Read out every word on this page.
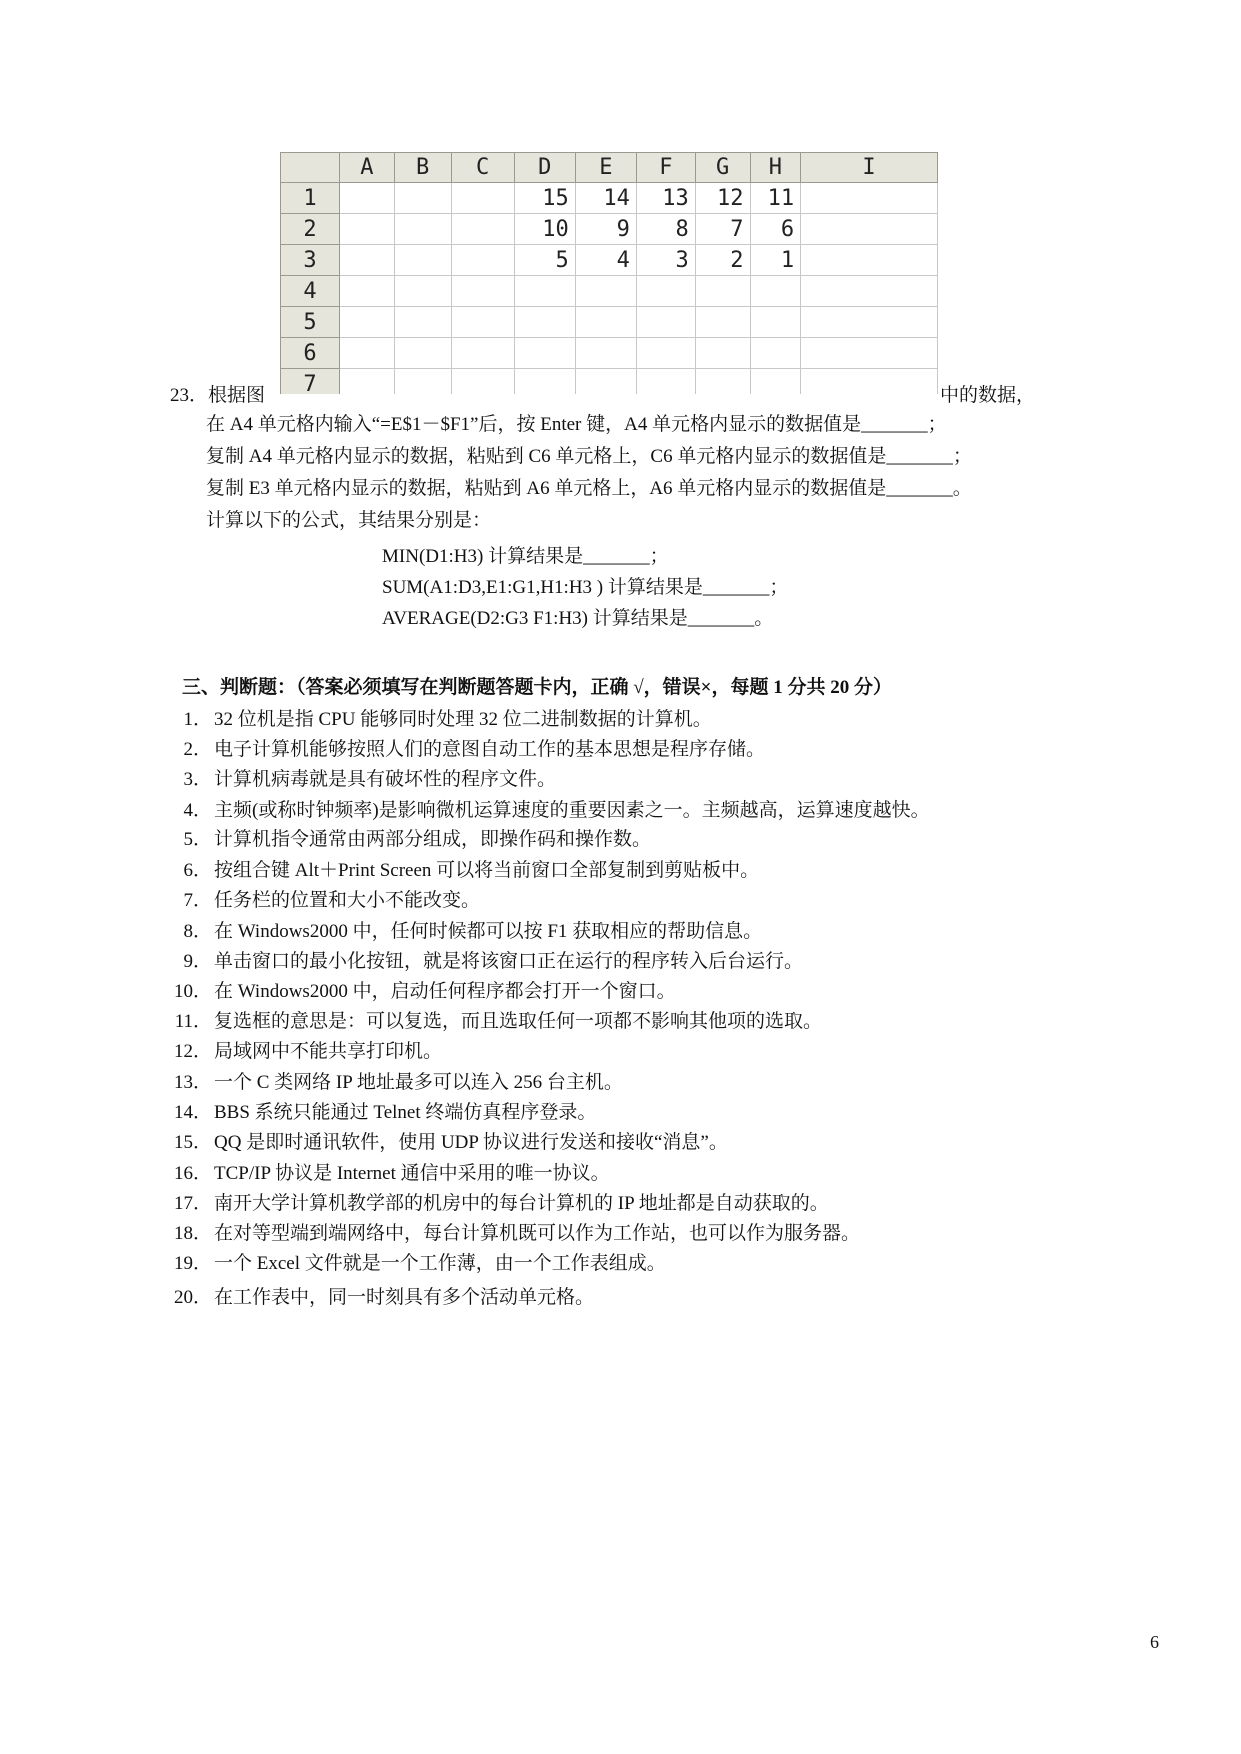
	A	B	C	D	E	F	G	H	I
1				15	14	13	12	11	
2				10	9	8	7	6	
3				5	4	3	2	1	
4									
5									
6									
7									
23．根据图	中的数据，
在 A4 单元格内输入“=E$1－$F1”后，按 Enter 键，A4 单元格内显示的数据值是_______；
复制 A4 单元格内显示的数据，粘贴到 C6 单元格上，C6 单元格内显示的数据值是_______；
复制 E3 单元格内显示的数据，粘贴到 A6 单元格上，A6 单元格内显示的数据值是_______。
计算以下的公式，其结果分别是：
MIN(D1:H3) 计算结果是_______；
SUM(A1:D3,E1:G1,H1:H3 ) 计算结果是_______；
AVERAGE(D2:G3 F1:H3) 计算结果是_______。
三、判断题：（答案必须填写在判断题答题卡内，正确 √，错误×，每题 1 分共 20 分）
1． 32 位机是指 CPU 能够同时处理 32 位二进制数据的计算机。
2． 电子计算机能够按照人们的意图自动工作的基本思想是程序存储。
3． 计算机病毒就是具有破坏性的程序文件。
4． 主频(或称时钟频率)是影响微机运算速度的重要因素之一。主频越高，运算速度越快。
5． 计算机指令通常由两部分组成，即操作码和操作数。
6． 按组合键 Alt＋Print Screen 可以将当前窗口全部复制到剪贴板中。
7． 任务栏的位置和大小不能改变。
8． 在 Windows2000 中，任何时候都可以按 F1 获取相应的帮助信息。
9． 单击窗口的最小化按钮，就是将该窗口正在运行的程序转入后台运行。
10． 在 Windows2000 中，启动任何程序都会打开一个窗口。
11． 复选框的意思是：可以复选，而且选取任何一项都不影响其他项的选取。
12． 局域网中不能共享打印机。
13． 一个 C 类网络 IP 地址最多可以连入 256 台主机。
14． BBS 系统只能通过 Telnet 终端仿真程序登录。
15． QQ 是即时通讯软件，使用 UDP 协议进行发送和接收“消息”。
16． TCP/IP 协议是 Internet 通信中采用的唯一协议。
17． 南开大学计算机教学部的机房中的每台计算机的 IP 地址都是自动获取的。
18． 在对等型端到端网络中，每台计算机既可以作为工作站，也可以作为服务器。
19． 一个 Excel 文件就是一个工作薄，由一个工作表组成。
20． 在工作表中，同一时刻具有多个活动单元格。
6
